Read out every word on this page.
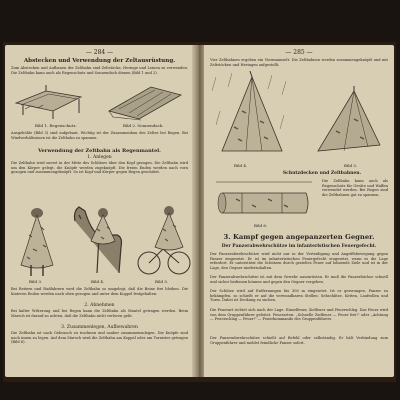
— 284 —
Abstecken und Verwendung der Zeltausrüstung.
Zum Abstecken und Aufbauen der Zeltbahn sind Zeltstöcke, Heringe und Leinen zu verwenden. Die Zeltbahn kann auch als Regenschutz und Sonnendach dienen (Bild 1 und 2).
Bild 1. Regenschutz.	Bild 2. Sonnendach.
Ausgehöhle (Bild 3) sind aufgebaut. Wichtig ist der Zusammenbau des Zeltes bei Regen. Bei Windverhältnissen ist die Zeltbahn zu spannen.
Verwendung der Zeltbahn als Regenmantel.
1. Anlegen
Die Zeltbahn wird zuerst in der Mitte des Schlitzes über den Kopf gezogen. Die Zeltbahn wird um den Körper gelegt, die Knöpfe werden zugeknöpft. Die freien Enden werden nach vorn gezogen und zusammengeknöpft. So ist Kopf und Körper gegen Regen geschützt.
Bild 3.	Bild 4.	Bild 5.
Bei Reitern und Radfahrern wird die Zeltbahn so umgelegt, daß die Beine frei bleiben. Die hinteren Enden werden nach oben gezogen und unter dem Koppel festgehalten.
2. Abnehmen
Bei kalter Witterung und bei Regen kann die Zeltbahn als Mantel getragen werden. Beim Marsch ist darauf zu achten, daß die Zeltbahn nicht verloren geht.
3. Zusammenlegen, Aufbewahren
Die Zeltbahn ist nach Gebrauch zu trocknen und sauber zusammenzulegen. Die Knöpfe sind nach innen zu legen. Auf dem Marsch wird die Zeltbahn am Koppel oder am Tornister getragen (Bild 6).
— 285 —
Vier Zeltbahnen ergeben ein Viermannzelt. Die Zeltbahnen werden zusammengeknöpft und mit Zeltstöcken und Heringen aufgestellt.
Bild 4.	Bild 5.
Schutzdecken und Zeltbahnen.
Die Zeltbahn kann auch als Regenschutz für Geräte und Waffen verwendet werden. Bei Regen sind die Zeltbahnen gut zu spannen.
Bild 6.
3. Kampf gegen angepanzerten Gegner.
Der Panzerabwehrschütze im infanteristischen Feuergefecht.
Der Panzerabwehrschütze wird nicht nur in der Verteidigung und Angriffsbewegung gegen Panzer eingesetzt. Er ist im infanteristischen Feuergefecht eingesetzt, wenn es die Lage erfordert. Er unterstützt die Schützen durch gezieltes Feuer auf lohnende Ziele und ist in der Lage, den Gegner niederzuhalten.
Der Panzerabwehrschütze ist mit dem Gewehr auszurüsten. Er muß die Panzerbüchse schnell und sicher bedienen können und gegen den Gegner vorgehen.
Der Schütze wird auf Entfernungen bis 300 m eingesetzt. Ist er gezwungen, Panzer zu bekämpfen, so schießt er auf die verwundbaren Stellen: Sehschlitze, Ketten, Laufrollen und Turm. Dabei ist Deckung zu suchen.
Die Feuerart richtet sich nach der Lage. Einzelfeuer, Zielfeuer und Feuerschlag. Das Feuer wird von dem Gruppenführer geleitet. Feuerarten: „Schnelle Zielfeuer — Feuer frei!" oder „Achtung — Feuerschlag — Feuer!" — Feuerkommando des Gruppenführers.
Der Panzerabwehrschütze schießt auf Befehl oder selbständig. Er hält Verbindung zum Gruppenführer und meldet feindliche Panzer sofort.
